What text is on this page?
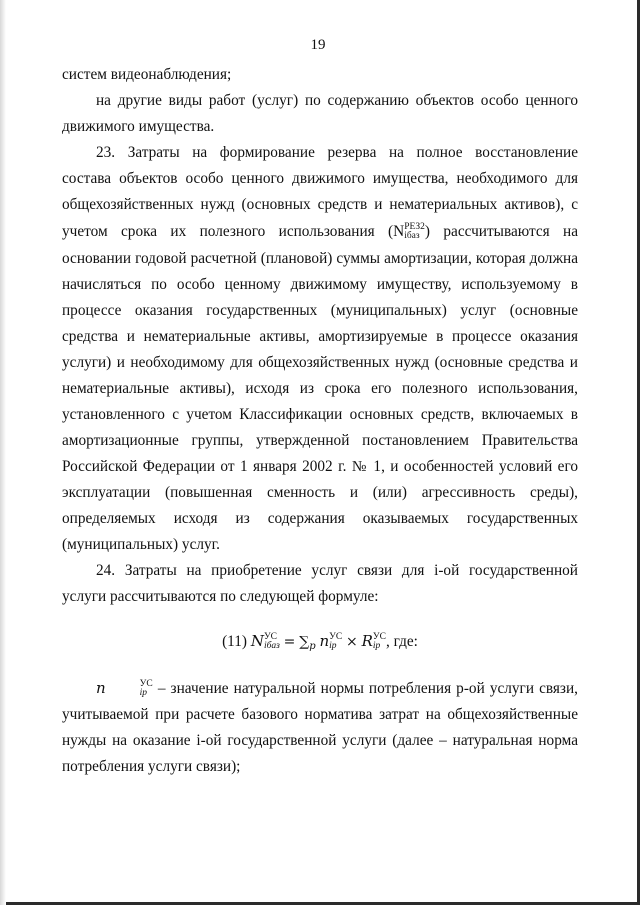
19
систем видеонаблюдения;
на другие виды работ (услуг) по содержанию объектов особо ценного
движимого имущества.
23. Затраты на формирование резерва на полное восстановление
состава объектов особо ценного движимого имущества, необходимого для
общехозяйственных нужд (основных средств и нематериальных активов), с
учетом срока их полезного использования (N РЕЗ2
iбаз ) рассчитываются на
основании годовой расчетной (плановой) суммы амортизации, которая должна
начисляться по особо ценному движимому имуществу, используемому в
процессе оказания государственных (муниципальных) услуг (основные
средства и нематериальные активы, амортизируемые в процессе оказания
услуги) и необходимому для общехозяйственных нужд (основные средства и
нематериальные активы), исходя из срока его полезного использования,
установленного с учетом Классификации основных средств, включаемых в
амортизационные группы, утвержденной постановлением Правительства
Российской Федерации от 1 января 2002 г. № 1, и особенностей условий его
эксплуатации (повышенная сменность и (или) агрессивность среды),
определяемых исходя из содержания оказываемых государственных
(муниципальных) услуг.
24. Затраты на приобретение услуг связи для i-ой государственной
услуги рассчитываются по следующей формуле:
(11) N УС
iбаз = ∑p n УС
ip × R УС
ip , где:
n	УС
ip – значение натуральной нормы потребления p-ой услуги связи,
учитываемой при расчете базового норматива затрат на общехозяйственные
нужды на оказание i-ой государственной услуги (далее – натуральная норма
потребления услуги связи);
